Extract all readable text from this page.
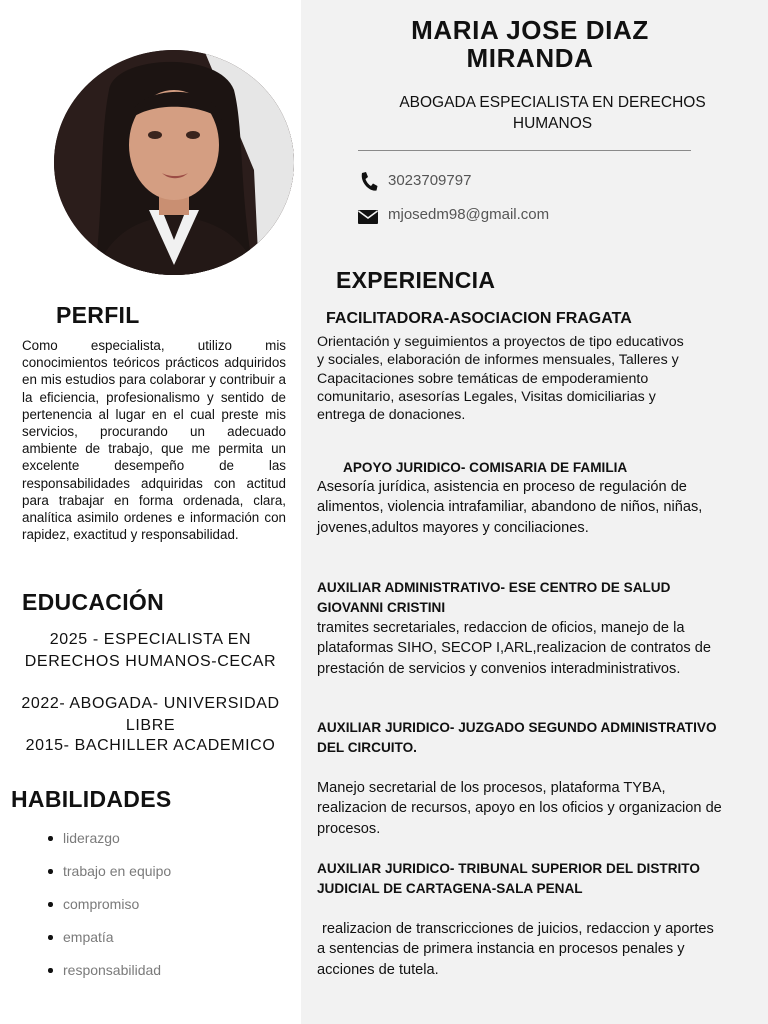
PERFIL
Como especialista, utilizo mis conocimientos teóricos prácticos adquiridos en mis estudios para colaborar y contribuir a la eficiencia, profesionalismo y sentido de pertenencia al lugar en el cual preste mis servicios, procurando un adecuado ambiente de trabajo, que me permita un excelente desempeño de las responsabilidades adquiridas con actitud para trabajar en forma ordenada, clara, analítica asimilo ordenes e información con rapidez, exactitud y responsabilidad.
EDUCACIÓN
2025 - ESPECIALISTA EN DERECHOS HUMANOS-CECAR
2022- ABOGADA- UNIVERSIDAD LIBRE
2015- BACHILLER ACADEMICO
HABILIDADES
liderazgo
trabajo en equipo
compromiso
empatía
responsabilidad
MARIA JOSE DIAZ MIRANDA
ABOGADA ESPECIALISTA EN DERECHOS HUMANOS
3023709797
mjosedm98@gmail.com
EXPERIENCIA
FACILITADORA-ASOCIACION FRAGATA
Orientación y seguimientos a proyectos de tipo educativos y sociales, elaboración de informes mensuales, Talleres y Capacitaciones sobre temáticas de empoderamiento comunitario, asesorías Legales, Visitas domiciliarias y entrega de donaciones.
APOYO JURIDICO- COMISARIA DE FAMILIA
Asesoría jurídica, asistencia en proceso de regulación de alimentos, violencia intrafamiliar, abandono de niños, niñas, jovenes,adultos mayores y conciliaciones.
AUXILIAR ADMINISTRATIVO- ESE CENTRO DE SALUD GIOVANNI CRISTINI
tramites secretariales, redaccion de oficios, manejo de la plataformas SIHO, SECOP I,ARL,realizacion de contratos de prestación de servicios y convenios interadministrativos.
AUXILIAR JURIDICO- JUZGADO SEGUNDO ADMINISTRATIVO DEL CIRCUITO.
Manejo secretarial de los procesos, plataforma TYBA, realizacion de recursos, apoyo en los oficios y organizacion de procesos.
AUXILIAR JURIDICO- TRIBUNAL SUPERIOR DEL DISTRITO JUDICIAL DE CARTAGENA-SALA PENAL
realizacion de transcricciones de juicios, redaccion y aportes a sentencias de primera instancia en procesos penales y acciones de tutela.
